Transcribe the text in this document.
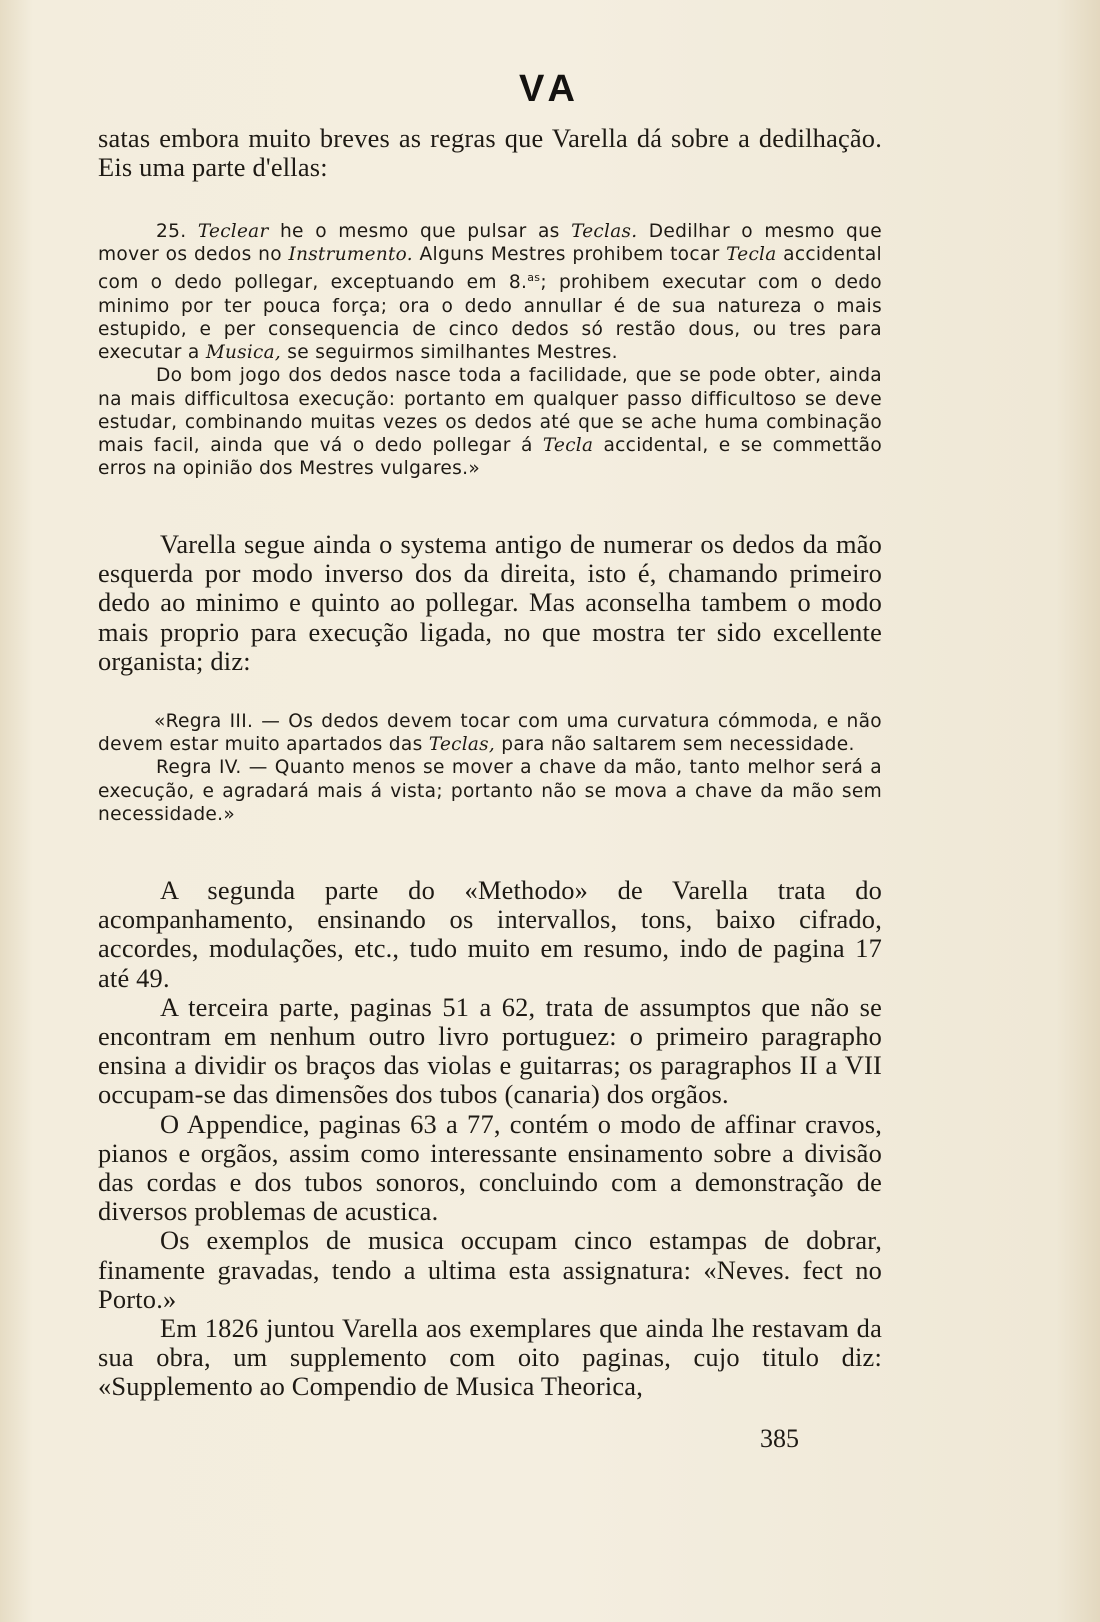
VA

satas embora muito breves as regras que Varella dá sobre a dedilhação. Eis uma parte d'ellas:

25. Teclear he o mesmo que pulsar as Teclas. Dedilhar o mesmo que mover os dedos no Instrumento. Alguns Mestres prohibem tocar Tecla accidental com o dedo pollegar, exceptuando em 8.$^{as}$; prohibem executar com o dedo minimo por ter pouca força; ora o dedo annullar é de sua natureza o mais estupido, e per consequencia de cinco dedos só restão dous, ou tres para executar a Musica, se seguirmos similhantes Mestres.

Do bom jogo dos dedos nasce toda a facilidade, que se pode obter, ainda na mais difficultosa execução: portanto em qualquer passo difficultoso se deve estudar, combinando muitas vezes os dedos até que se ache huma combinação mais facil, ainda que vá o dedo pollegar á Tecla accidental, e se commettão erros na opinião dos Mestres vulgares.»

Varella segue ainda o systema antigo de numerar os dedos da mão esquerda por modo inverso dos da direita, isto é, chamando primeiro dedo ao minimo e quinto ao pollegar. Mas aconselha tambem o modo mais proprio para execução ligada, no que mostra ter sido excellente organista; diz:

«Regra III. — Os dedos devem tocar com uma curvatura cómmoda, e não devem estar muito apartados das Teclas, para não saltarem sem necessidade.

Regra IV. — Quanto menos se mover a chave da mão, tanto melhor será a execução, e agradará mais á vista; portanto não se mova a chave da mão sem necessidade.»

A segunda parte do «Methodo» de Varella trata do acompanhamento, ensinando os intervallos, tons, baixo cifrado, accordes, modulações, etc., tudo muito em resumo, indo de pagina 17 até 49.

A terceira parte, paginas 51 a 62, trata de assumptos que não se encontram em nenhum outro livro portuguez: o primeiro paragrapho ensina a dividir os braços das violas e guitarras; os paragraphos II a VII occupam-se das dimensões dos tubos (canaria) dos orgãos.

O Appendice, paginas 63 a 77, contém o modo de affinar cravos, pianos e orgãos, assim como interessante ensinamento sobre a divisão das cordas e dos tubos sonoros, concluindo com a demonstração de diversos problemas de acustica.

Os exemplos de musica occupam cinco estampas de dobrar, finamente gravadas, tendo a ultima esta assignatura: «Neves. fect no Porto.»

Em 1826 juntou Varella aos exemplares que ainda lhe restavam da sua obra, um supplemento com oito paginas, cujo titulo diz: «Supplemento ao Compendio de Musica Theorica,

385
